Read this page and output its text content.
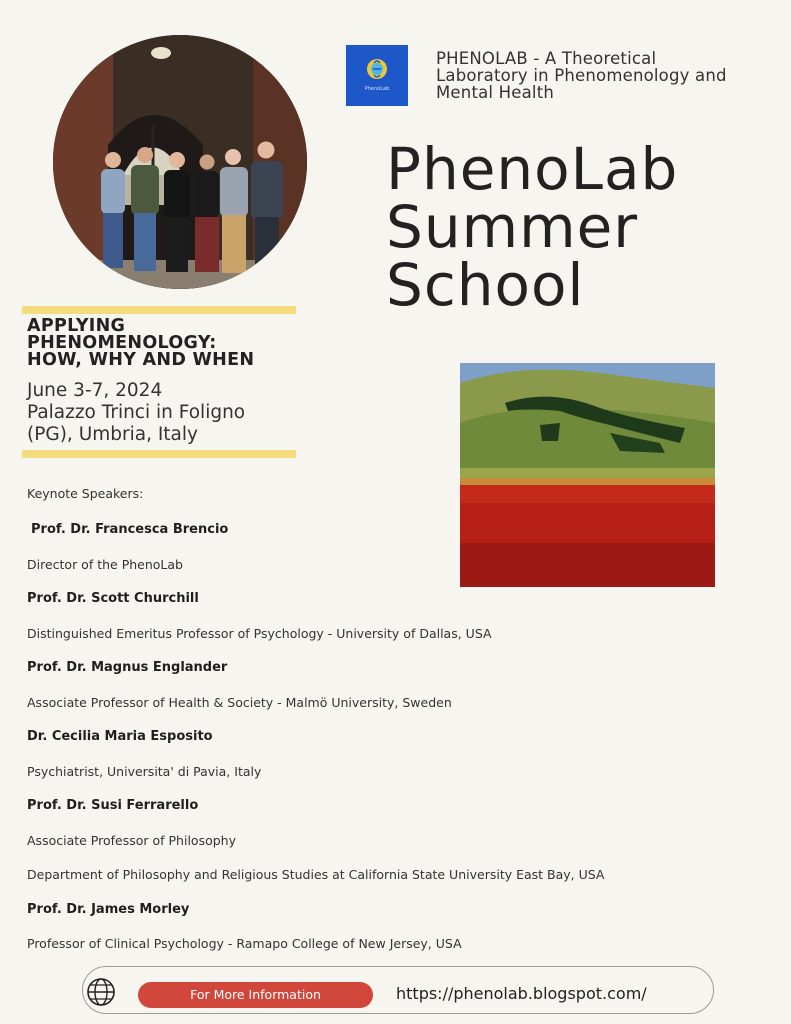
PhenoLab
PHENOLAB - A Theoretical
Laboratory in Phenomenology and
Mental Health
PhenoLab
Summer
School
APPLYING
PHENOMENOLOGY:
HOW, WHY AND WHEN
June 3-7, 2024
Palazzo Trinci in Foligno
(PG), Umbria, Italy
Keynote Speakers:
Prof. Dr. Francesca Brencio
Director of the PhenoLab
Prof. Dr. Scott Churchill
Distinguished Emeritus Professor of Psychology - University of Dallas, USA
Prof. Dr. Magnus Englander
Associate Professor of Health & Society - Malmö University, Sweden
Dr. Cecilia Maria Esposito
Psychiatrist, Universita' di Pavia, Italy
Prof. Dr. Susi Ferrarello
Associate Professor of Philosophy
Department of Philosophy and Religious Studies at California State University East Bay, USA
Prof. Dr. James Morley
Professor of Clinical Psychology - Ramapo College of New Jersey, USA
For More Information	https://phenolab.blogspot.com/
